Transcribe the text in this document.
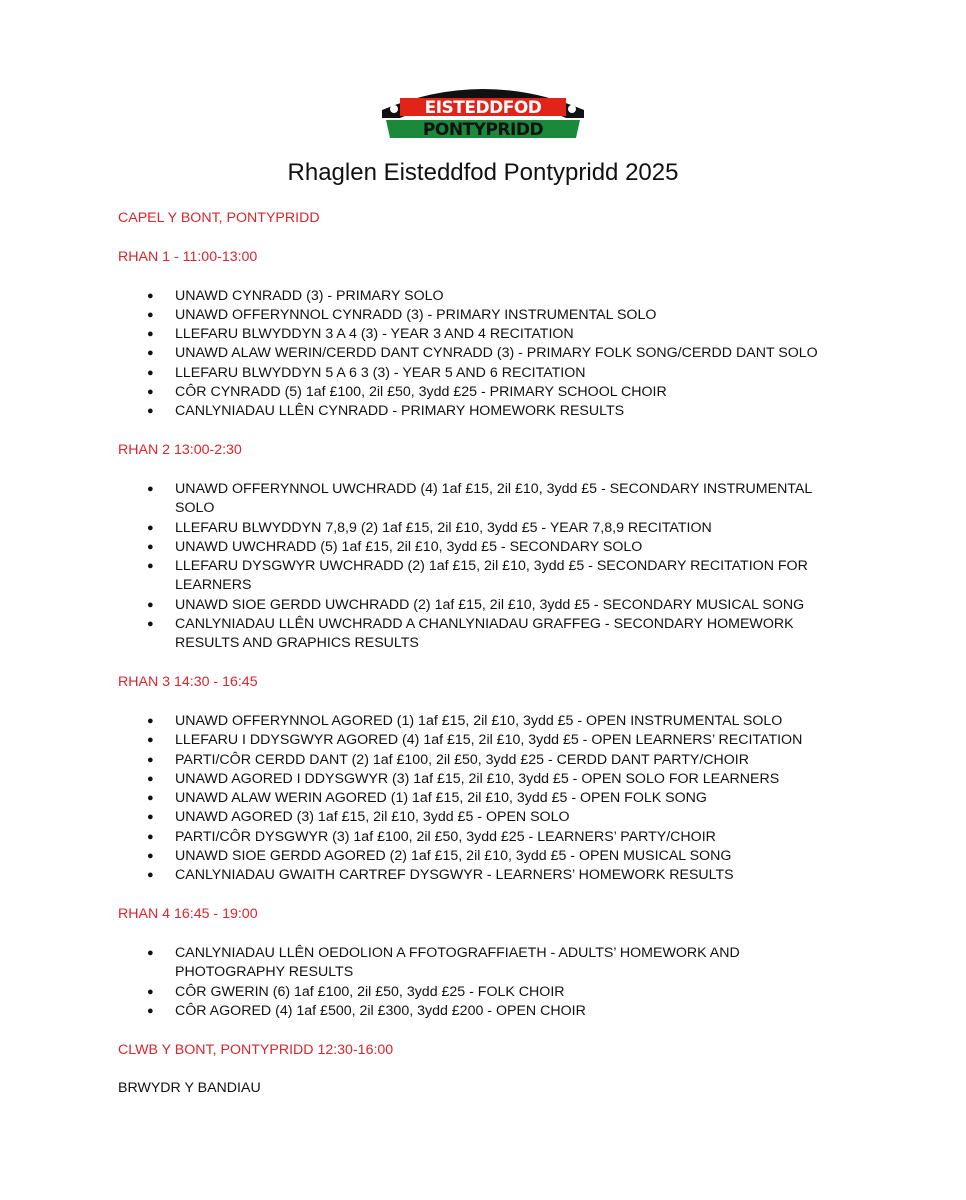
EISTEDDFOD
PONTYPRIDD
Rhaglen Eisteddfod Pontypridd 2025

CAPEL Y BONT, PONTYPRIDD

RHAN 1 - 11:00-13:00

● UNAWD CYNRADD (3) - PRIMARY SOLO
● UNAWD OFFERYNNOL CYNRADD (3) - PRIMARY INSTRUMENTAL SOLO
● LLEFARU BLWYDDYN 3 A 4 (3) - YEAR 3 AND 4 RECITATION
● UNAWD ALAW WERIN/CERDD DANT CYNRADD (3) - PRIMARY FOLK SONG/CERDD DANT SOLO
● LLEFARU BLWYDDYN 5 A 6 3 (3) - YEAR 5 AND 6 RECITATION
● CÔR CYNRADD (5) 1af £100, 2il £50, 3ydd £25 - PRIMARY SCHOOL CHOIR
● CANLYNIADAU LLÊN CYNRADD - PRIMARY HOMEWORK RESULTS

RHAN 2 13:00-2:30

● UNAWD OFFERYNNOL UWCHRADD (4) 1af £15, 2il £10, 3ydd £5 - SECONDARY INSTRUMENTAL SOLO
● LLEFARU BLWYDDYN 7,8,9 (2) 1af £15, 2il £10, 3ydd £5 - YEAR 7,8,9 RECITATION
● UNAWD UWCHRADD (5) 1af £15, 2il £10, 3ydd £5 - SECONDARY SOLO
● LLEFARU DYSGWYR UWCHRADD (2) 1af £15, 2il £10, 3ydd £5 - SECONDARY RECITATION FOR LEARNERS
● UNAWD SIOE GERDD UWCHRADD (2) 1af £15, 2il £10, 3ydd £5 - SECONDARY MUSICAL SONG
● CANLYNIADAU LLÊN UWCHRADD A CHANLYNIADAU GRAFFEG - SECONDARY HOMEWORK RESULTS AND GRAPHICS RESULTS

RHAN 3 14:30 - 16:45

● UNAWD OFFERYNNOL AGORED (1) 1af £15, 2il £10, 3ydd £5 - OPEN INSTRUMENTAL SOLO
● LLEFARU I DDYSGWYR AGORED (4) 1af £15, 2il £10, 3ydd £5 - OPEN LEARNERS’ RECITATION
● PARTI/CÔR CERDD DANT (2) 1af £100, 2il £50, 3ydd £25 - CERDD DANT PARTY/CHOIR
● UNAWD AGORED I DDYSGWYR (3) 1af £15, 2il £10, 3ydd £5 - OPEN SOLO FOR LEARNERS
● UNAWD ALAW WERIN AGORED (1) 1af £15, 2il £10, 3ydd £5 - OPEN FOLK SONG
● UNAWD AGORED (3) 1af £15, 2il £10, 3ydd £5 - OPEN SOLO
● PARTI/CÔR DYSGWYR (3) 1af £100, 2il £50, 3ydd £25 - LEARNERS’ PARTY/CHOIR
● UNAWD SIOE GERDD AGORED (2) 1af £15, 2il £10, 3ydd £5 - OPEN MUSICAL SONG
● CANLYNIADAU GWAITH CARTREF DYSGWYR - LEARNERS’ HOMEWORK RESULTS

RHAN 4 16:45 - 19:00

● CANLYNIADAU LLÊN OEDOLION A FFOTOGRAFFIAETH - ADULTS’ HOMEWORK AND PHOTOGRAPHY RESULTS
● CÔR GWERIN (6) 1af £100, 2il £50, 3ydd £25 - FOLK CHOIR
● CÔR AGORED (4) 1af £500, 2il £300, 3ydd £200 - OPEN CHOIR

CLWB Y BONT, PONTYPRIDD 12:30-16:00

BRWYDR Y BANDIAU
